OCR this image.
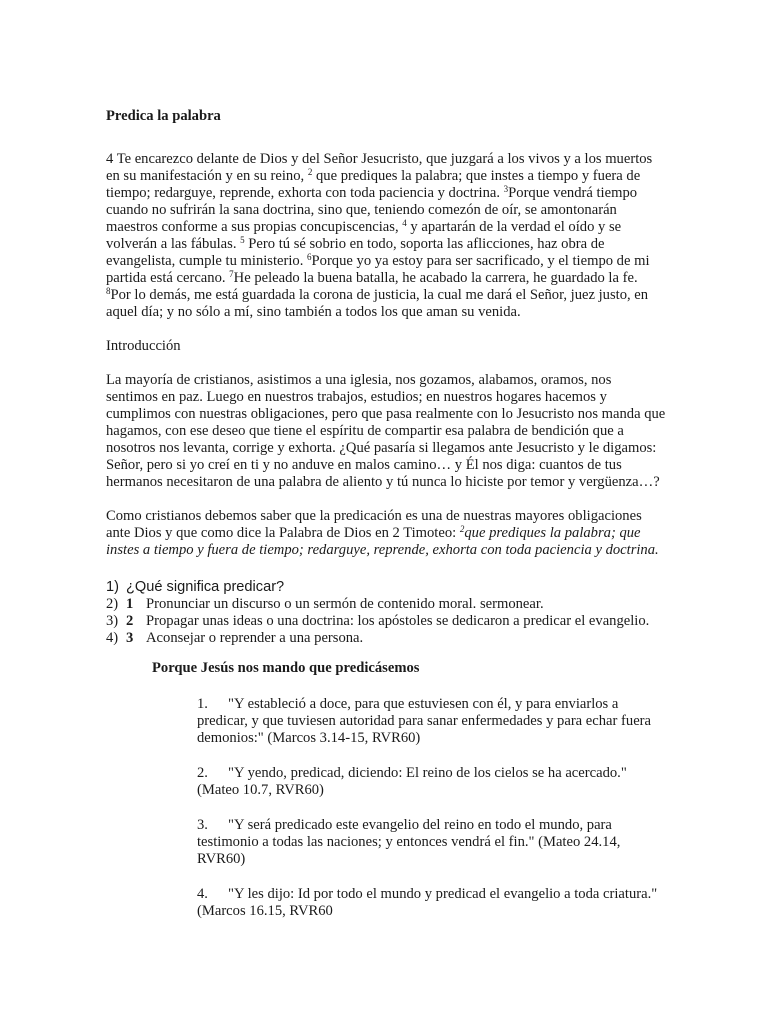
Predica la palabra

4 Te encarezco delante de Dios y del Señor Jesucristo, que juzgará a los vivos y a los muertos en su manifestación y en su reino, $^2$ que prediques la palabra; que instes a tiempo y fuera de tiempo; redarguye, reprende, exhorta con toda paciencia y doctrina. $^3$Porque vendrá tiempo cuando no sufrirán la sana doctrina, sino que, teniendo comezón de oír, se amontonarán maestros conforme a sus propias concupiscencias, $^4$ y apartarán de la verdad el oído y se volverán a las fábulas. $^5$ Pero tú sé sobrio en todo, soporta las aflicciones, haz obra de evangelista, cumple tu ministerio. $^6$Porque yo ya estoy para ser sacrificado, y el tiempo de mi partida está cercano. $^7$He peleado la buena batalla, he acabado la carrera, he guardado la fe. $^8$Por lo demás, me está guardada la corona de justicia, la cual me dará el Señor, juez justo, en aquel día; y no sólo a mí, sino también a todos los que aman su venida.

Introducción

La mayoría de cristianos, asistimos a una iglesia, nos gozamos, alabamos, oramos, nos sentimos en paz. Luego en nuestros trabajos, estudios; en nuestros hogares hacemos y cumplimos con nuestras obligaciones, pero que pasa realmente con lo Jesucristo nos manda que hagamos, con ese deseo que tiene el espíritu de compartir esa palabra de bendición que a nosotros nos levanta, corrige y exhorta. ¿Qué pasaría si llegamos ante Jesucristo y le digamos: Señor, pero si yo creí en ti y no anduve en malos camino… y Él nos diga: cuantos de tus hermanos necesitaron de una palabra de aliento y tú nunca lo hiciste por temor y vergüenza…?

Como cristianos debemos saber que la predicación es una de nuestras mayores obligaciones ante Dios y que como dice la Palabra de Dios en 2 Timoteo: $^2$que prediques la palabra; que instes a tiempo y fuera de tiempo; redarguye, reprende, exhorta con toda paciencia y doctrina.

1) ¿Qué significa predicar?
2) 1 Pronunciar un discurso o un sermón de contenido moral. sermonear.
3) 2 Propagar unas ideas o una doctrina: los apóstoles se dedicaron a predicar el evangelio.
4) 3 Aconsejar o reprender a una persona.

Porque Jesús nos mando que predicásemos

1. "Y estableció a doce, para que estuviesen con él, y para enviarlos a predicar, y que tuviesen autoridad para sanar enfermedades y para echar fuera demonios:" (Marcos 3.14-15, RVR60)

2. "Y yendo, predicad, diciendo: El reino de los cielos se ha acercado." (Mateo 10.7, RVR60)

3. "Y será predicado este evangelio del reino en todo el mundo, para testimonio a todas las naciones; y entonces vendrá el fin." (Mateo 24.14, RVR60)

4. "Y les dijo: Id por todo el mundo y predicad el evangelio a toda criatura." (Marcos 16.15, RVR60
